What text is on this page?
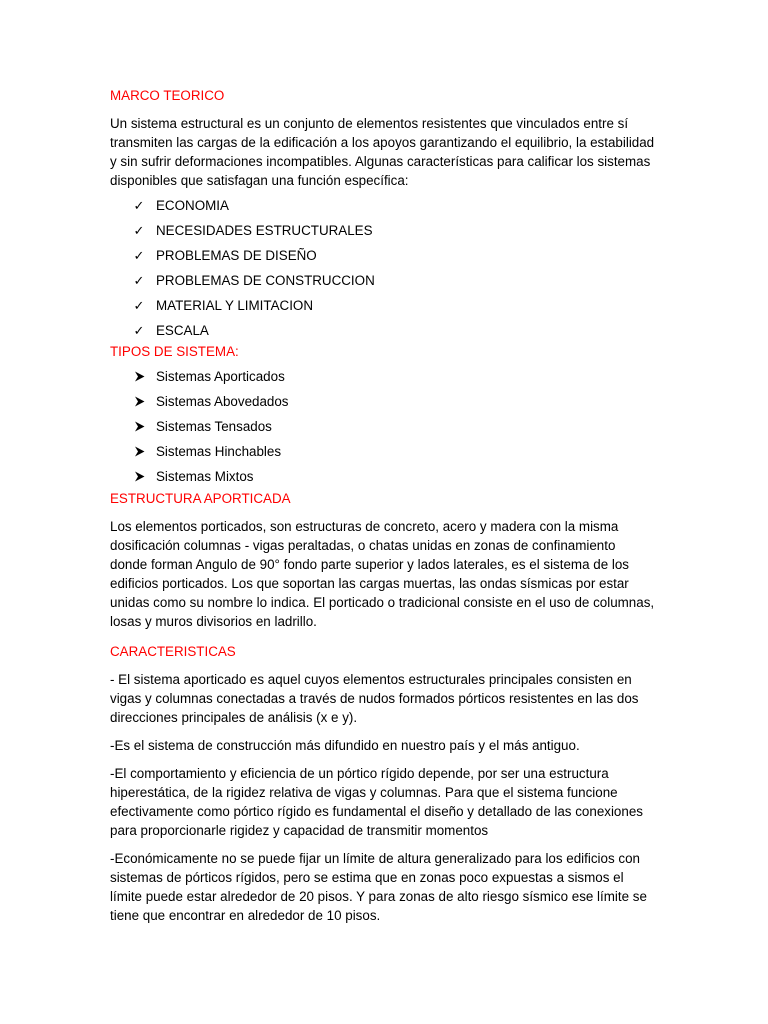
MARCO TEORICO

Un sistema estructural es un conjunto de elementos resistentes que vinculados entre sí transmiten las cargas de la edificación a los apoyos garantizando el equilibrio, la estabilidad y sin sufrir deformaciones incompatibles. Algunas características para calificar los sistemas disponibles que satisfagan una función específica:

✓ ECONOMIA
✓ NECESIDADES ESTRUCTURALES
✓ PROBLEMAS DE DISEÑO
✓ PROBLEMAS DE CONSTRUCCION
✓ MATERIAL Y LIMITACION
✓ ESCALA
TIPOS DE SISTEMA:
Sistemas Aporticados
Sistemas Abovedados
Sistemas Tensados
Sistemas Hinchables
Sistemas Mixtos
ESTRUCTURA APORTICADA

Los elementos porticados, son estructuras de concreto, acero y madera con la misma dosificación columnas - vigas peraltadas, o chatas unidas en zonas de confinamiento donde forman Angulo de 90° fondo parte superior y lados laterales, es el sistema de los edificios porticados. Los que soportan las cargas muertas, las ondas sísmicas por estar unidas como su nombre lo indica. El porticado o tradicional consiste en el uso de columnas, losas y muros divisorios en ladrillo.

CARACTERISTICAS

- El sistema aporticado es aquel cuyos elementos estructurales principales consisten en vigas y columnas conectadas a través de nudos formados pórticos resistentes en las dos direcciones principales de análisis (x e y).

-Es el sistema de construcción más difundido en nuestro país y el más antiguo.

-El comportamiento y eficiencia de un pórtico rígido depende, por ser una estructura hiperestática, de la rigidez relativa de vigas y columnas. Para que el sistema funcione efectivamente como pórtico rígido es fundamental el diseño y detallado de las conexiones para proporcionarle rigidez y capacidad de transmitir momentos

-Económicamente no se puede fijar un límite de altura generalizado para los edificios con sistemas de pórticos rígidos, pero se estima que en zonas poco expuestas a sismos el límite puede estar alrededor de 20 pisos. Y para zonas de alto riesgo sísmico ese límite se tiene que encontrar en alrededor de 10 pisos.
